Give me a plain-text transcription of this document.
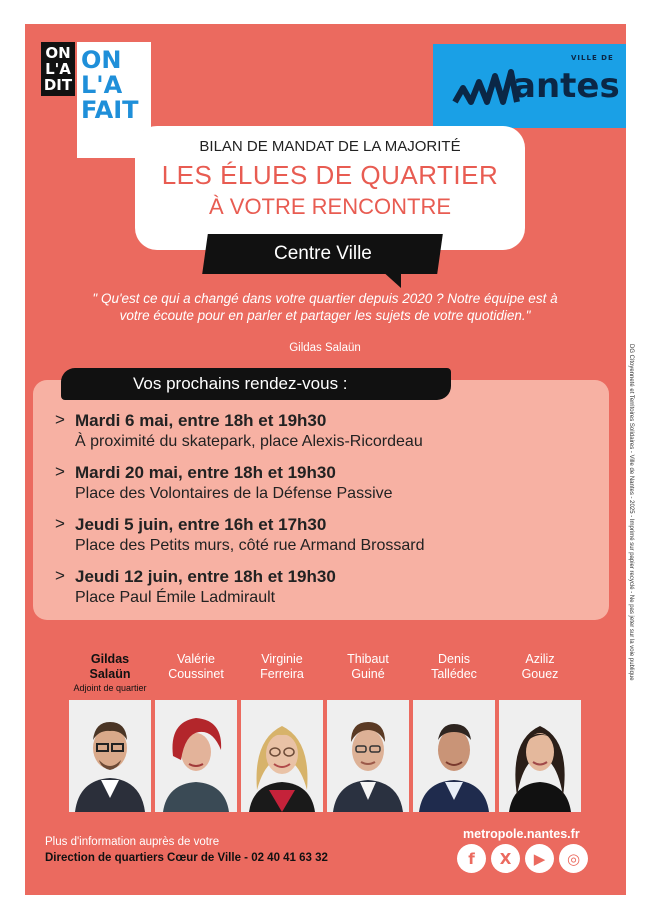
ON
L'A
DIT
ON
L'A
FAIT
VILLE DE
antes
BILAN DE MANDAT DE LA MAJORITÉ
LES ÉLUES DE QUARTIER
À VOTRE RENCONTRE
Centre Ville
" Qu'est ce qui a changé dans votre quartier depuis 2020 ? Notre équipe est à votre écoute pour en parler et partager les sujets de votre quotidien."
Gildas Salaün
Vos prochains rendez-vous :
> Mardi 6 mai, entre 18h et 19h30
À proximité du skatepark, place Alexis-Ricordeau
> Mardi 20 mai, entre 18h et 19h30
Place des Volontaires de la Défense Passive
> Jeudi 5 juin, entre 16h et 17h30
Place des Petits murs, côté rue Armand Brossard
> Jeudi 12 juin, entre 18h et 19h30
Place Paul Émile Ladmirault	DG Citoyenneté et Territoires Solidaires - Ville de Nantes - 2025 - Imprimé sur papier recyclé - Ne pas jeter sur la voie publique
Gildas
Salaün
Adjoint de quartier
Valérie
Coussinet
Virginie
Ferreira
Thibaut
Guiné
Denis
Tallédec
Aziliz
Gouez
Plus d'information auprès de votre
Direction de quartiers Cœur de Ville - 02 40 41 63 32
metropole.nantes.fr
f	X	▶	◎
